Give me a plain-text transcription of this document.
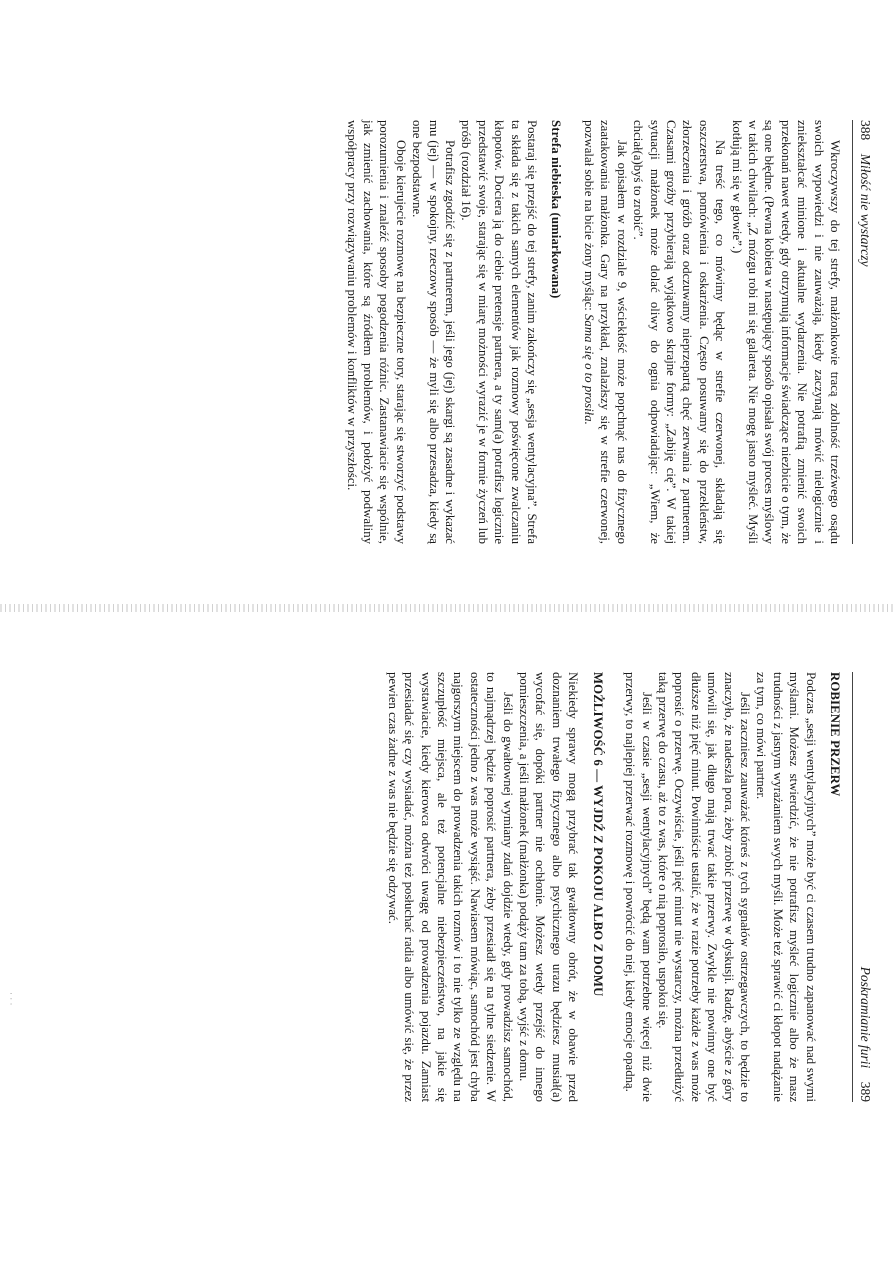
388    Miłość nie wystarczy

Wkroczywszy do tej strefy, małżonkowie tracą zdolność trzeźwego osądu swoich wypowiedzi i nie zauważają, kiedy zaczynają mówić nielogicznie i zniekształcać minione i aktualne wydarzenia. Nie potrafią zmienić swoich przekonań nawet wtedy, gdy otrzymują informacje świadczące niezbicie o tym, że są one błędne. (Pewna kobieta w następujący sposób opisała swój proces myślowy w takich chwilach: „Z mózgu robi mi się galareta. Nie mogę jasno myśleć. Myśli kotłują mi się w głowie”.)

Na treść tego, co mówimy będąc w strefie czerwonej, składają się oszczerstwa, pomówienia i oskarżenia. Często posuwamy się do przekleństw, złorzeczenia i gróźb oraz odczuwamy nieprzepartą chęć zerwania z partnerem. Czasami groźby przybierają wyjątkowo skrajne formy: „Zabiję cię”. W takiej sytuacji małżonek może dolać oliwy do ognia odpowiadając: „Wiem, że chciał(a)byś to zrobić”.

Jak opisałem w rozdziale 9, wściekłość może popchnąć nas do fizycznego zaatakowania małżonka. Gary na przykład, znalazłszy się w strefie czerwonej, pozwalał sobie na bicie żony myśląc: Sama się o to prosiła.

Strefa niebieska (umiarkowana)

Postaraj się przejść do tej strefy, zanim zakończy się „sesja wentylacyjna”. Strefa ta składa się z takich samych elementów jak rozmowy poświęcone zwalczaniu kłopotów. Dociera ją do ciebie pretensje partnera, a ty sam(a) potrafisz logicznie przedstawić swoje, starając się w miarę możności wyrazić je w formie życzeń lub próśb (rozdział 16).

Potrafisz zgodzić się z partnerem, jeśli jego (jej) skargi są zasadne i wykazać mu (jej) — w spokojny, rzeczowy sposób — że myli się albo przesadza, kiedy są one bezpodstawne.

Oboje kierujecie rozmowę na bezpieczne tory, starając się stworzyć podstawy porozumienia i znaleźć sposoby pogodzenia różnic. Zastanawiacie się wspólnie, jak zmienić zachowania, które są źródłem problemów, i położyć podwaliny współpracy przy rozwiązywaniu problemów i konfliktów w przyszłości.

Poskramianie furii    389
ROBIENIE PRZERW

Podczas „sesji wentylacyjnych” może być ci czasem trudno zapanować nad swymi myślami. Możesz stwierdzić, że nie potrafisz myśleć logicznie albo że masz trudności z jasnym wyrażaniem swych myśli. Może też sprawić ci kłopot nadążanie za tym, co mówi partner.

Jeśli zaczniesz zauważać któreś z tych sygnałów ostrzegawczych, to będzie to znaczyło, że nadeszła pora, żeby zrobić przerwę w dyskusji. Radzę, abyście z góry umówili się, jak długo mają trwać takie przerwy. Zwykle nie powinny one być dłuższe niż pięć minut. Powinniście ustalić, że w razie potrzeby każde z was może poprosić o przerwę. Oczywiście, jeśli pięć minut nie wystarczy, można przedłużyć taką przerwę do czasu, aż to z was, które o nią poprosiło, uspokoi się.

Jeśli w czasie „sesji wentylacyjnych” będą wam potrzebne więcej niż dwie przerwy, to najlepiej przerwać rozmowę i powrócić do niej, kiedy emocje opadną.

MOŻLIWOŚĆ 6 — WYJDŹ Z POKOJU ALBO Z DOMU

Niekiedy sprawy mogą przybrać tak gwałtowny obrót, że w obawie przed doznaniem trwałego fizycznego albo psychicznego urazu będziesz musiał(a) wycofać się, dopóki partner nie ochłonie. Możesz wtedy przejść do innego pomieszczenia, a jeśli małżonek (małżonka) podąży tam za tobą, wyjść z domu.

Jeśli do gwałtownej wymiany zdań dojdzie wtedy, gdy prowadzisz samochód, to najmądrzej będzie poprosić partnera, żeby przesiadł się na tylne siedzenie. W ostateczności jedno z was może wysiąść. Nawiasem mówiąc, samochód jest chyba najgorszym miejscem do prowadzenia takich rozmów i to nie tylko ze względu na szczupłość miejsca, ale też potencjalne niebezpieczeństwo, na jakie się wystawiacie, kiedy kierowca odwróci uwagę od prowadzenia pojazdu. Zamiast przesiadać się czy wysiadać, można też posłuchać radia albo umówić się, że przez pewien czas żadne z was nie będzie się odzywać.

· · ·
